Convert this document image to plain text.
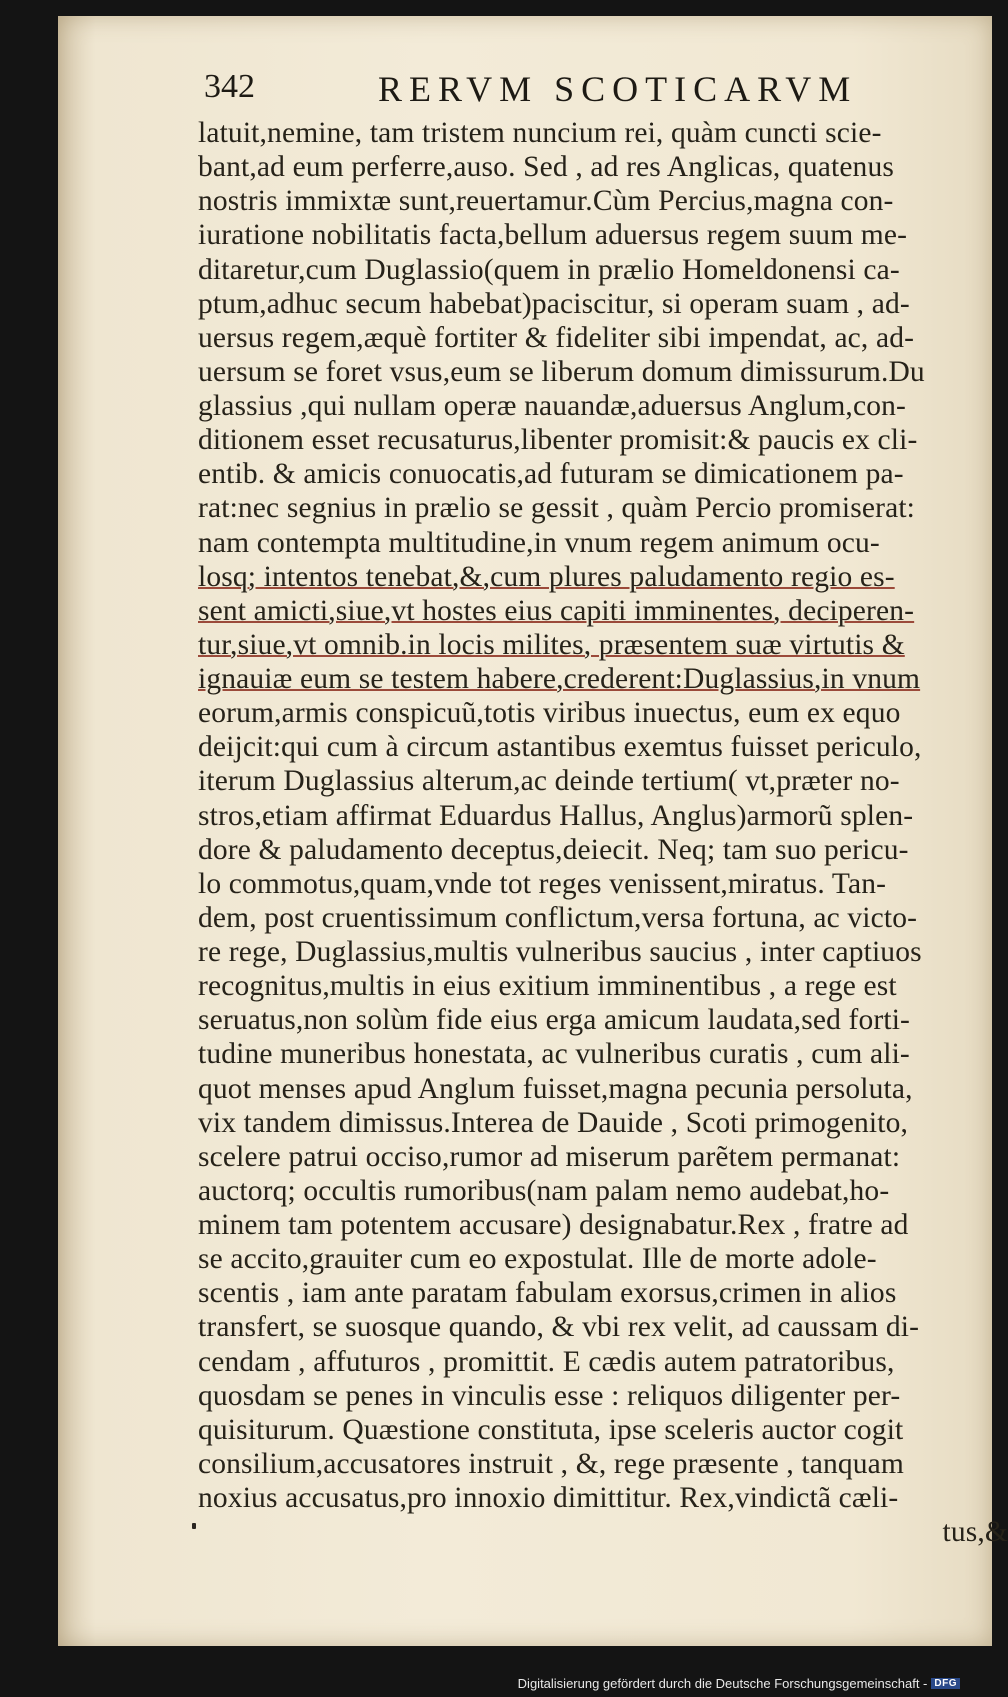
342	RERVM SCOTICARVM
latuit,nemine, tam tristem nuncium rei, quàm cuncti scie-
bant,ad eum perferre,auso. Sed , ad res Anglicas, quatenus
nostris immixtæ sunt,reuertamur.Cùm Percius,magna con-
iuratione nobilitatis facta,bellum aduersus regem suum me-
ditaretur,cum Duglassio(quem in prælio Homeldonensi ca-
ptum,adhuc secum habebat)paciscitur, si operam suam , ad-
uersus regem,æquè fortiter & fideliter sibi impendat, ac, ad-
uersum se foret vsus,eum se liberum domum dimissurum.Du
glassius ,qui nullam operæ nauandæ,aduersus Anglum,con-
ditionem esset recusaturus,libenter promisit:& paucis ex cli-
entib. & amicis conuocatis,ad futuram se dimicationem pa-
rat:nec segnius in prælio se gessit , quàm Percio promiserat:
nam contempta multitudine,in vnum regem animum ocu-
losq; intentos tenebat,&,cum plures paludamento regio es-
sent amicti,siue,vt hostes eius capiti imminentes, deciperen-
tur,siue,vt omnib.in locis milites, præsentem suæ virtutis &
ignauiæ eum se testem habere,crederent:Duglassius,in vnum
eorum,armis conspicuũ,totis viribus inuectus, eum ex equo
deijcit:qui cum à circum astantibus exemtus fuisset periculo,
iterum Duglassius alterum,ac deinde tertium( vt,præter no-
stros,etiam affirmat Eduardus Hallus, Anglus)armorũ splen-
dore & paludamento deceptus,deiecit. Neq; tam suo pericu-
lo commotus,quam,vnde tot reges venissent,miratus. Tan-
dem, post cruentissimum conflictum,versa fortuna, ac victo-
re rege, Duglassius,multis vulneribus saucius , inter captiuos
recognitus,multis in eius exitium imminentibus , a rege est
seruatus,non solùm fide eius erga amicum laudata,sed forti-
tudine muneribus honestata, ac vulneribus curatis , cum ali-
quot menses apud Anglum fuisset,magna pecunia persoluta,
vix tandem dimissus.Interea de Dauide , Scoti primogenito,
scelere patrui occiso,rumor ad miserum parẽtem permanat:
auctorq; occultis rumoribus(nam palam nemo audebat,ho-
minem tam potentem accusare) designabatur.Rex , fratre ad
se accito,grauiter cum eo expostulat. Ille de morte adole-
scentis , iam ante paratam fabulam exorsus,crimen in alios
transfert, se suosque quando, & vbi rex velit, ad caussam di-
cendam , affuturos , promittit. E cædis autem patratoribus,
quosdam se penes in vinculis esse : reliquos diligenter per-
quisiturum. Quæstione constituta, ipse sceleris auctor cogit
consilium,accusatores instruit , &, rege præsente , tanquam
noxius accusatus,pro innoxio dimittitur. Rex,vindictã cæli-
tus,&
Digitalisierung gefördert durch die Deutsche Forschungsgemeinschaft - DFG
